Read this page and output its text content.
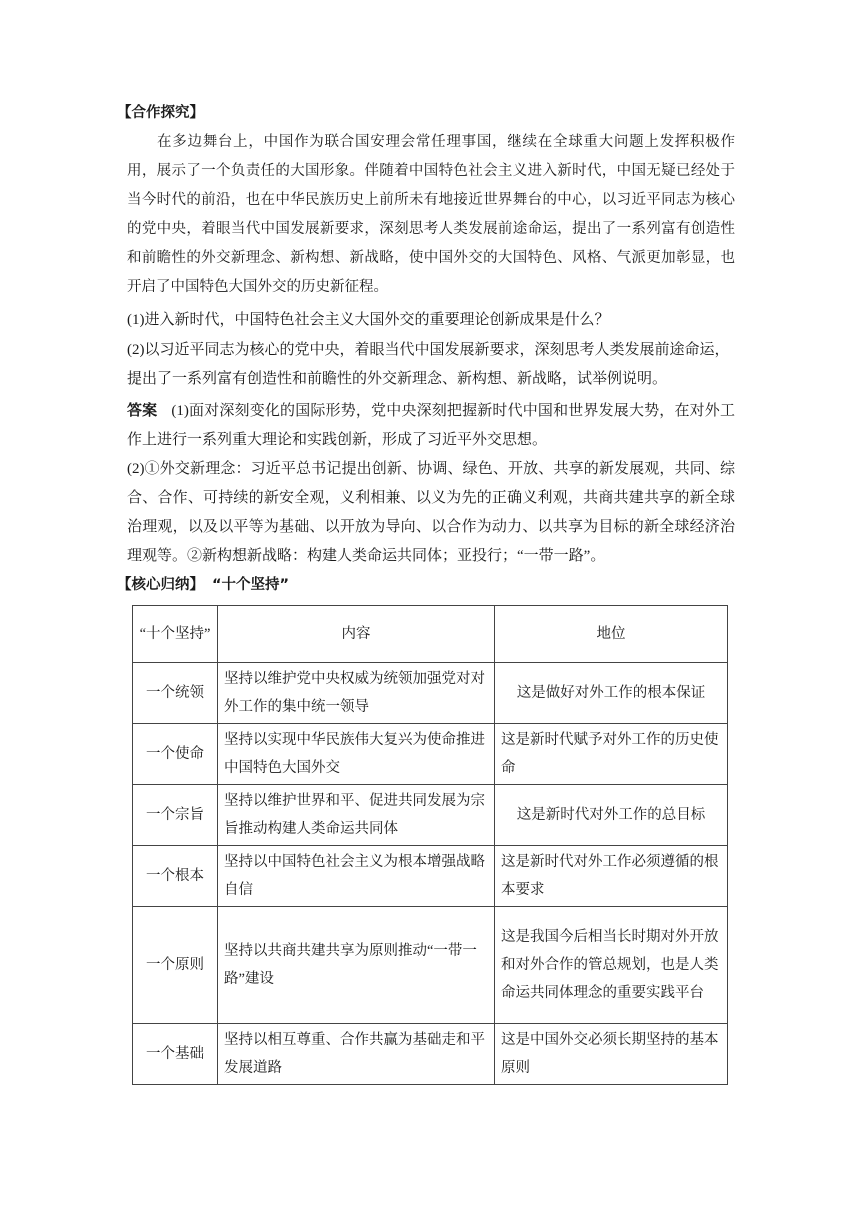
【合作探究】
在多边舞台上，中国作为联合国安理会常任理事国，继续在全球重大问题上发挥积极作用，展示了一个负责任的大国形象。伴随着中国特色社会主义进入新时代，中国无疑已经处于当今时代的前沿，也在中华民族历史上前所未有地接近世界舞台的中心，以习近平同志为核心的党中央，着眼当代中国发展新要求，深刻思考人类发展前途命运，提出了一系列富有创造性和前瞻性的外交新理念、新构想、新战略，使中国外交的大国特色、风格、气派更加彰显，也开启了中国特色大国外交的历史新征程。
(1)进入新时代，中国特色社会主义大国外交的重要理论创新成果是什么？
(2)以习近平同志为核心的党中央，着眼当代中国发展新要求，深刻思考人类发展前途命运，提出了一系列富有创造性和前瞻性的外交新理念、新构想、新战略，试举例说明。
答案 (1)面对深刻变化的国际形势，党中央深刻把握新时代中国和世界发展大势，在对外工作上进行一系列重大理论和实践创新，形成了习近平外交思想。
(2)①外交新理念：习近平总书记提出创新、协调、绿色、开放、共享的新发展观，共同、综合、合作、可持续的新安全观，义利相兼、以义为先的正确义利观，共商共建共享的新全球治理观，以及以平等为基础、以开放为导向、以合作为动力、以共享为目标的新全球经济治理观等。②新构想新战略：构建人类命运共同体；亚投行；“一带一路”。
【核心归纳】 “十个坚持”
“十个坚持”	内容	地位
一个统领	坚持以维护党中央权威为统领加强党对对外工作的集中统一领导	这是做好对外工作的根本保证
一个使命	坚持以实现中华民族伟大复兴为使命推进中国特色大国外交	这是新时代赋予对外工作的历史使命
一个宗旨	坚持以维护世界和平、促进共同发展为宗旨推动构建人类命运共同体	这是新时代对外工作的总目标
一个根本	坚持以中国特色社会主义为根本增强战略自信	这是新时代对外工作必须遵循的根本要求
一个原则	坚持以共商共建共享为原则推动“一带一路”建设	这是我国今后相当长时期对外开放和对外合作的管总规划，也是人类命运共同体理念的重要实践平台
一个基础	坚持以相互尊重、合作共赢为基础走和平发展道路	这是中国外交必须长期坚持的基本原则
